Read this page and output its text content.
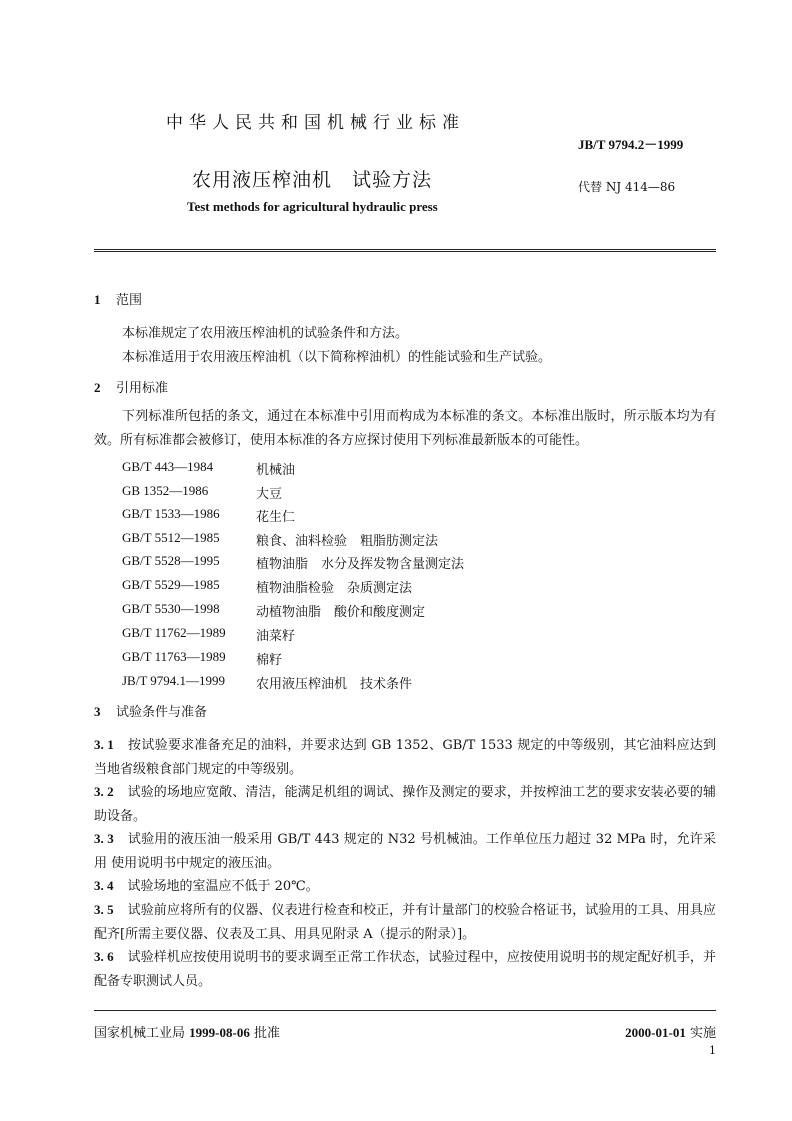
中华人民共和国机械行业标准
JB/T 9794.2－1999
农用液压榨油机　试验方法	代替 NJ 414—86
Test methods for agricultural hydraulic press
1 范围
本标准规定了农用液压榨油机的试验条件和方法。
本标准适用于农用液压榨油机（以下简称榨油机）的性能试验和生产试验。
2 引用标准
下列标准所包括的条文，通过在本标准中引用而构成为本标准的条文。本标准出版时，所示版本均为有效。所有标准都会被修订，使用本标准的各方应探讨使用下列标准最新版本的可能性。
GB/T 443—1984	机械油
GB 1352—1986	大豆
GB/T 1533—1986	花生仁
GB/T 5512—1985	粮食、油料检验　粗脂肪测定法
GB/T 5528—1995	植物油脂　水分及挥发物含量测定法
GB/T 5529—1985	植物油脂检验　杂质测定法
GB/T 5530—1998	动植物油脂　酸价和酸度测定
GB/T 11762—1989 油菜籽
GB/T 11763—1989 棉籽
JB/T 9794.1—1999 农用液压榨油机　技术条件
3 试验条件与准备
3. 1 按试验要求准备充足的油料，并要求达到 GB 1352、GB/T 1533 规定的中等级别，其它油料应达到当地省级粮食部门规定的中等级别。
3. 2 试验的场地应宽敞、清洁，能满足机组的调试、操作及测定的要求，并按榨油工艺的要求安装必要的辅助设备。
3. 3 试验用的液压油一般采用 GB/T 443 规定的 N32 号机械油。工作单位压力超过 32 MPa 时，允许采用 使用说明书中规定的液压油。
3. 4 试验场地的室温应不低于 20℃。
3. 5 试验前应将所有的仪器、仪表进行检查和校正，并有计量部门的校验合格证书，试验用的工具、用具应配齐[所需主要仪器、仪表及工具、用具见附录 A（提示的附录）]。
3. 6 试验样机应按使用说明书的要求调至正常工作状态，试验过程中，应按使用说明书的规定配好机手，并配备专职测试人员。
国家机械工业局 1999-08-06 批准	2000-01-01 实施
1
